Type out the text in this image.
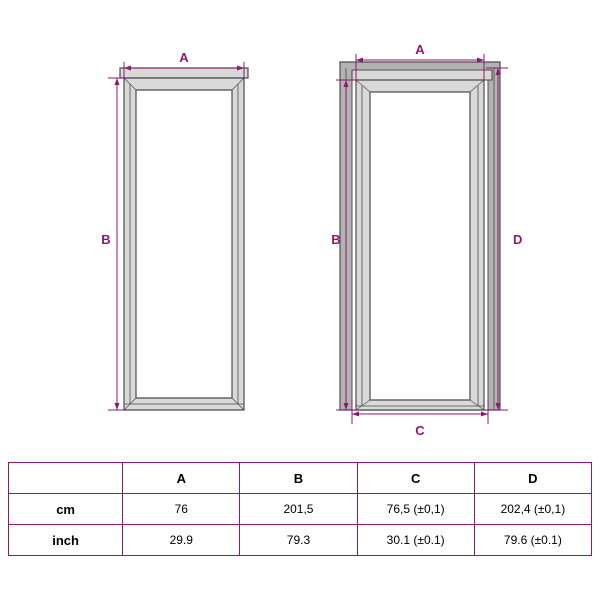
A
B
A
B
C
D
	A	B	C	D
cm	76	201,5	76,5 (±0,1)	202,4 (±0,1)
inch	29.9	79.3	30.1 (±0.1)	79.6 (±0.1)
